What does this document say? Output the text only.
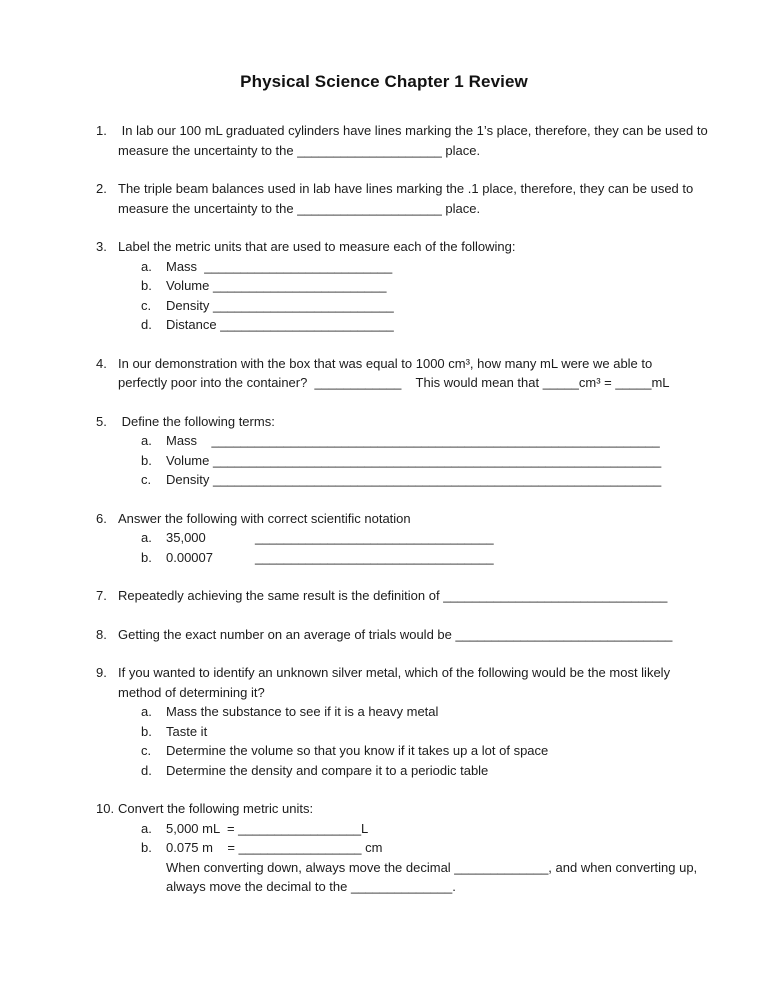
Physical Science Chapter 1 Review
1. In lab our 100 mL graduated cylinders have lines marking the 1’s place, therefore, they can be used to
measure the uncertainty to the ____________________ place.
2. The triple beam balances used in lab have lines marking the .1 place, therefore, they can be used to
measure the uncertainty to the ____________________ place.
3. Label the metric units that are used to measure each of the following:
a.	Mass  __________________________
b.	Volume ________________________
c.	Density _________________________
d.	Distance ________________________
4. In our demonstration with the box that was equal to 1000 cm³, how many mL were we able to
perfectly poor into the container?  ____________    This would mean that _____cm³ = _____mL
5. Define the following terms:
a.	Mass    ______________________________________________________________
b.	Volume ______________________________________________________________
c.	Density ______________________________________________________________
6. Answer the following with correct scientific notation
a.	35,000	_________________________________
b.	0.00007	_________________________________
7. Repeatedly achieving the same result is the definition of _______________________________
8. Getting the exact number on an average of trials would be ______________________________
9. If you wanted to identify an unknown silver metal, which of the following would be the most likely
method of determining it?
a.	Mass the substance to see if it is a heavy metal
b.	Taste it
c.	Determine the volume so that you know if it takes up a lot of space
d.	Determine the density and compare it to a periodic table
10. Convert the following metric units:
a.	5,000 mL  = _________________L
b.	0.075 m    = _________________ cm
When converting down, always move the decimal _____________, and when converting up,
always move the decimal to the ______________.
